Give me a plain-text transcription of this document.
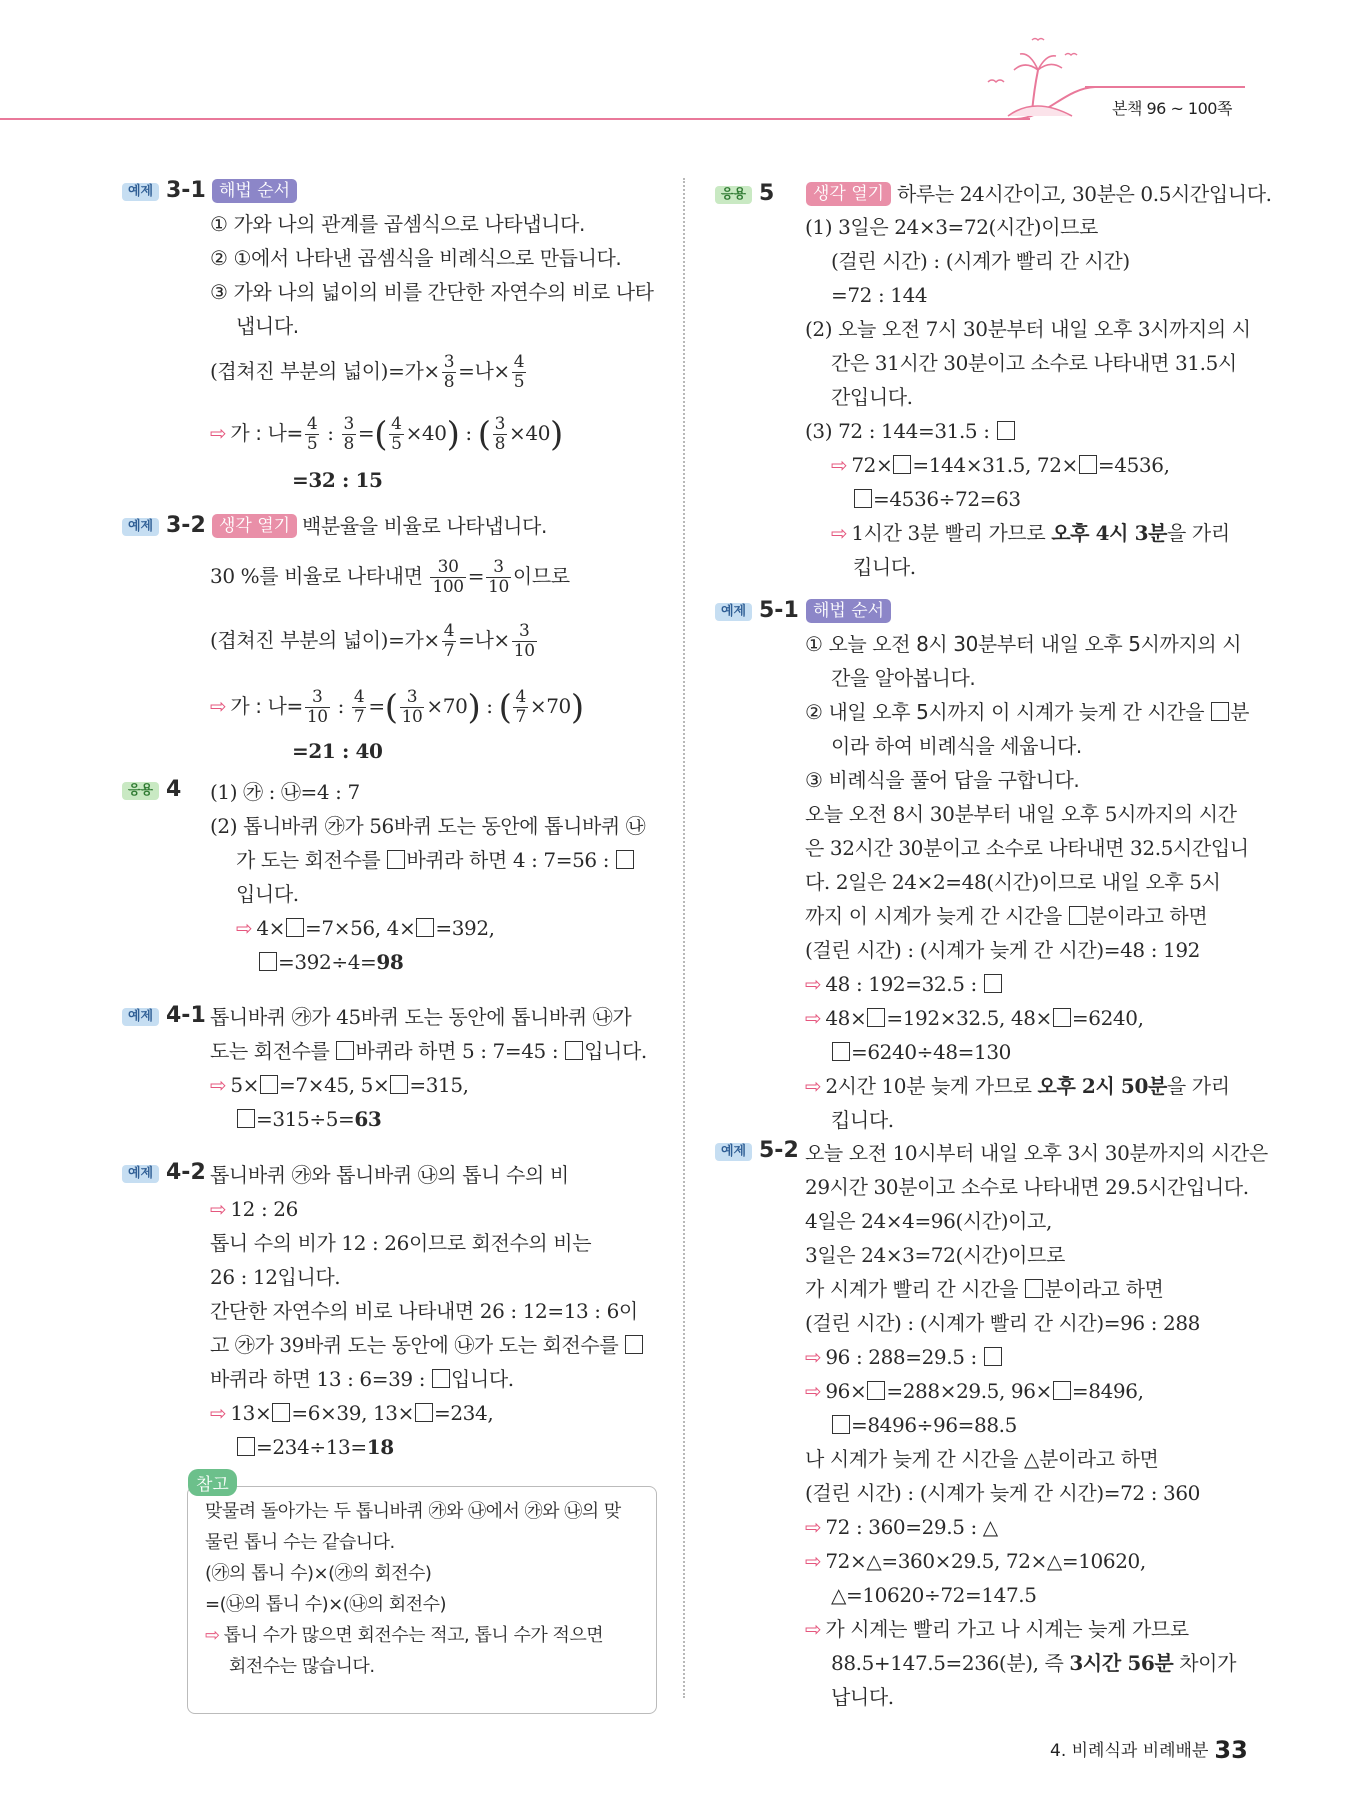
본책 96 ~ 100쪽
예제 3-1 해법 순서
① 가와 나의 관계를 곱셈식으로 나타냅니다.
② ①에서 나타낸 곱셈식을 비례식으로 만듭니다.
③ 가와 나의 넓이의 비를 간단한 자연수의 비로 나타
냅니다.
(겹쳐진 부분의 넓이)=가× $\frac{3}{8}$ =나× $\frac{4}{5}$
⇨ 가 : 나= $\frac{4}{5}$ : $\frac{3}{8}$ =( $\frac{4}{5} \times 40$) : ( $\frac{3}{8} \times 40$)
=32 : 15
예제 3-2 생각 열기 백분율을 비율로 나타냅니다.
30 %를 비율로 나타내면 $\frac{30}{100} = \frac{3}{10}$ 이므로
(겹쳐진 부분의 넓이)=가× $\frac{4}{7}$ =나× $\frac{3}{10}$
⇨ 가 : 나= $\frac{3}{10}$ : $\frac{4}{7}$ =( $\frac{3}{10} \times 70$) : ( $\frac{4}{7} \times 70$)
=21 : 40
응용 4 (1) ㉮ : ㉯=4 : 7
(2) 톱니바퀴 ㉮가 56바퀴 도는 동안에 톱니바퀴 ㉯
가 도는 회전수를 바퀴라 하면 4 : 7=56 :
입니다.
⇨ 4× =7×56, 4× =392,
=392÷4=98
예제 4-1 톱니바퀴 ㉮가 45바퀴 도는 동안에 톱니바퀴 ㉯가
도는 회전수를 바퀴라 하면 5 : 7=45 : 입니다.
⇨ 5× =7×45, 5× =315,
=315÷5=63
예제 4-2 톱니바퀴 ㉮와 톱니바퀴 ㉯의 톱니 수의 비
⇨ 12 : 26
톱니 수의 비가 12 : 26이므로 회전수의 비는
26 : 12입니다.
간단한 자연수의 비로 나타내면 26 : 12=13 : 6이
고 ㉮가 39바퀴 도는 동안에 ㉯가 도는 회전수를
바퀴라 하면 13 : 6=39 : 입니다.
⇨ 13× =6×39, 13× =234,
=234÷13=18
참고
맞물려 돌아가는 두 톱니바퀴 ㉮와 ㉯에서 ㉮와 ㉯의 맞
물린 톱니 수는 같습니다.
(㉮의 톱니 수)×(㉮의 회전수)
=(㉯의 톱니 수)×(㉯의 회전수)
⇨ 톱니 수가 많으면 회전수는 적고, 톱니 수가 적으면
회전수는 많습니다.
응용 5	생각 열기 하루는 24시간이고, 30분은 0.5시간입니다.
(1) 3일은 24×3=72(시간)이므로
(걸린 시간) : (시계가 빨리 간 시간)
=72 : 144
(2) 오늘 오전 7시 30분부터 내일 오후 3시까지의 시
간은 31시간 30분이고 소수로 나타내면 31.5시
간입니다.
(3) 72 : 144=31.5 :
⇨ 72× =144×31.5, 72× =4536,
=4536÷72=63
⇨ 1시간 3분 빨리 가므로 오후 4시 3분을 가리
킵니다.
예제 5-1 해법 순서
① 오늘 오전 8시 30분부터 내일 오후 5시까지의 시
간을 알아봅니다.
② 내일 오후 5시까지 이 시계가 늦게 간 시간을 분
이라 하여 비례식을 세웁니다.
③ 비례식을 풀어 답을 구합니다.
오늘 오전 8시 30분부터 내일 오후 5시까지의 시간
은 32시간 30분이고 소수로 나타내면 32.5시간입니
다. 2일은 24×2=48(시간)이므로 내일 오후 5시
까지 이 시계가 늦게 간 시간을 분이라고 하면
(걸린 시간) : (시계가 늦게 간 시간)=48 : 192
⇨ 48 : 192=32.5 :
⇨ 48× =192×32.5, 48× =6240,
=6240÷48=130
⇨ 2시간 10분 늦게 가므로 오후 2시 50분을 가리
킵니다.
예제 5-2 오늘 오전 10시부터 내일 오후 3시 30분까지의 시간은
29시간 30분이고 소수로 나타내면 29.5시간입니다.
4일은 24×4=96(시간)이고,
3일은 24×3=72(시간)이므로
가 시계가 빨리 간 시간을 분이라고 하면
(걸린 시간) : (시계가 빨리 간 시간)=96 : 288
⇨ 96 : 288=29.5 :
⇨ 96× =288×29.5, 96× =8496,
=8496÷96=88.5
나 시계가 늦게 간 시간을 △분이라고 하면
(걸린 시간) : (시계가 늦게 간 시간)=72 : 360
⇨ 72 : 360=29.5 : △
⇨ 72×△=360×29.5, 72×△=10620,
△=10620÷72=147.5
⇨ 가 시계는 빨리 가고 나 시계는 늦게 가므로
88.5+147.5=236(분), 즉 3시간 56분 차이가
납니다.
4. 비례식과 비례배분 33
